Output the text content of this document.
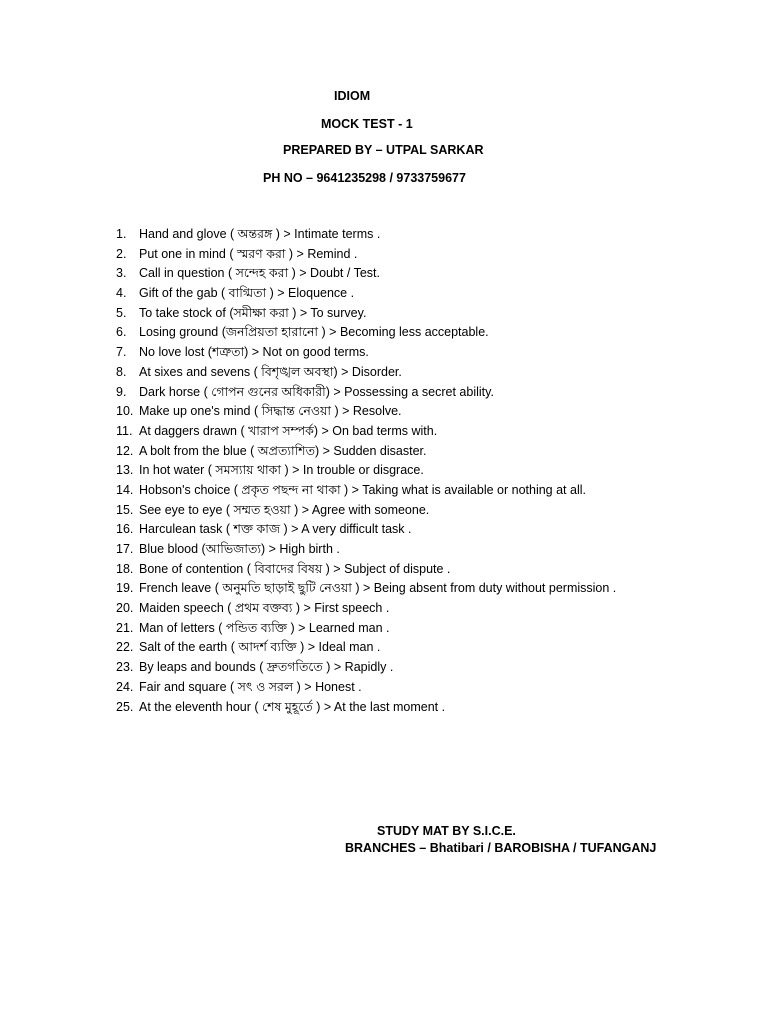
IDIOM
MOCK TEST - 1
PREPARED BY – UTPAL SARKAR
PH NO – 9641235298 / 9733759677
1.	Hand and glove ( অন্তরঙ্গ ) > Intimate terms .
2.	Put one in mind ( স্মরণ করা ) > Remind .
3.	Call in question ( সন্দেহ করা ) > Doubt / Test.
4.	Gift of the gab ( বাগ্মিতা ) > Eloquence .
5.	To take stock of (সমীক্ষা করা ) > To survey.
6.	Losing ground (জনপ্রিয়তা হারানো ) > Becoming less acceptable.
7.	No love lost (শত্রুতা) > Not on good terms.
8.	At sixes and sevens ( বিশৃঙ্খল অবস্থা) > Disorder.
9.	Dark horse ( গোপন গুনের অধিকারী) > Possessing a secret ability.
10. Make up one's mind ( সিদ্ধান্ত নেওয়া ) > Resolve.
11. At daggers drawn ( খারাপ সম্পর্ক) > On bad terms with.
12. A bolt from the blue ( অপ্রত্যাশিত) > Sudden disaster.
13. In hot water ( সমস্যায় থাকা ) > In trouble or disgrace.
14. Hobson's choice ( প্রকৃত পছন্দ না থাকা ) > Taking what is available or nothing at all.
15. See eye to eye ( সম্মত হওয়া ) > Agree with someone.
16. Harculean task ( শক্ত কাজ ) > A very difficult task .
17. Blue blood (আভিজাত্য) > High birth .
18. Bone of contention ( বিবাদের বিষয় ) > Subject of dispute .
19. French leave ( অনুমতি ছাড়াই ছুটি নেওয়া ) > Being absent from duty without permission .
20. Maiden speech ( প্রথম বক্তব্য ) > First speech .
21. Man of letters ( পন্ডিত ব্যক্তি ) > Learned man .
22. Salt of the earth ( আদর্শ ব্যক্তি ) > Ideal man .
23. By leaps and bounds ( দ্রুতগতিতে ) > Rapidly .
24. Fair and square ( সৎ ও সরল ) > Honest .
25. At the eleventh hour ( শেষ মুহূর্তে ) > At the last moment .
STUDY MAT BY S.I.C.E.
BRANCHES – Bhatibari / BAROBISHA / TUFANGANJ
